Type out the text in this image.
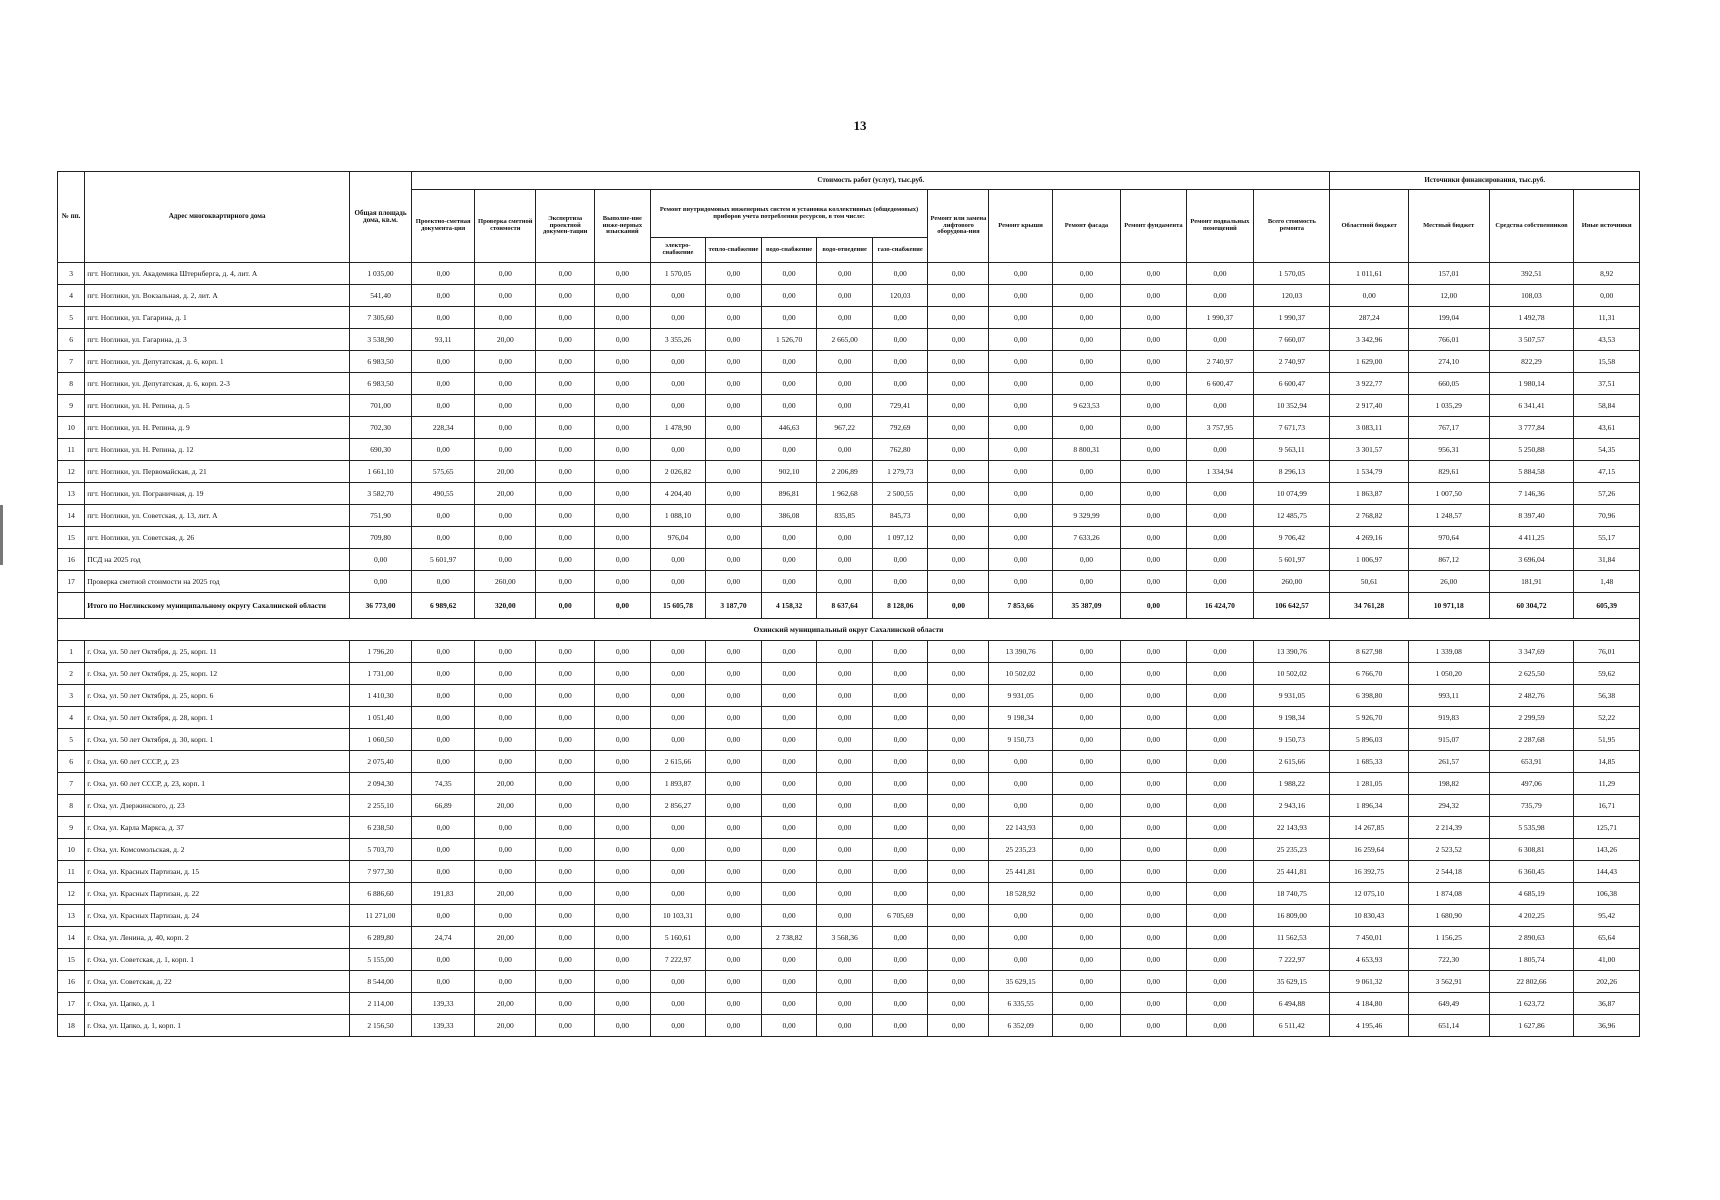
13
№ пп.	Адрес многоквартирного дома	Общая площадь дома, кв.м.	Стоимость работ (услуг), тыс.руб.															Источники финансирования, тыс.руб.			
			Проектно-сметная документа-ция	Проверка сметной стоимости	Экспертиза проектной докумен-тации	Выполне-ние инже-нерных изысканий	Ремонт внутридомовых инженерных систем и установка коллективных (общедомовых) приборов учета потребления ресурсов, в том числе:					Ремонт или замена лифтового оборудова-ния	Ремонт крыши	Ремонт фасада	Ремонт фундамента	Ремонт подвальных помещений	Всего стоимость ремонта	Областной бюджет	Местный бюджет	Средства собственников	Иные источники
							электро-снабжение	тепло-снабжение	водо-снабжение	водо-отведение	газо-снабжение										
3	пгт. Ноглики, ул. Академика Штернберга, д. 4, лит. А	1 035,00	0,00	0,00	0,00	0,00	1 570,05	0,00	0,00	0,00	0,00	0,00	0,00	0,00	0,00	0,00	1 570,05	1 011,61	157,01	392,51	8,92
4	пгт. Ноглики, ул. Вокзальная, д. 2, лит. А	541,40	0,00	0,00	0,00	0,00	0,00	0,00	0,00	0,00	120,03	0,00	0,00	0,00	0,00	0,00	120,03	0,00	12,00	108,03	0,00
5	пгт. Ноглики, ул. Гагарина, д. 1	7 305,60	0,00	0,00	0,00	0,00	0,00	0,00	0,00	0,00	0,00	0,00	0,00	0,00	0,00	1 990,37	1 990,37	287,24	199,04	1 492,78	11,31
6	пгт. Ноглики, ул. Гагарина, д. 3	3 538,90	93,11	20,00	0,00	0,00	3 355,26	0,00	1 526,70	2 665,00	0,00	0,00	0,00	0,00	0,00	0,00	7 660,07	3 342,96	766,01	3 507,57	43,53
7	пгт. Ноглики, ул. Депутатская, д. 6, корп. 1	6 983,50	0,00	0,00	0,00	0,00	0,00	0,00	0,00	0,00	0,00	0,00	0,00	0,00	0,00	2 740,97	2 740,97	1 629,00	274,10	822,29	15,58
8	пгт. Ноглики, ул. Депутатская, д. 6, корп. 2-3	6 983,50	0,00	0,00	0,00	0,00	0,00	0,00	0,00	0,00	0,00	0,00	0,00	0,00	0,00	6 600,47	6 600,47	3 922,77	660,05	1 980,14	37,51
9	пгт. Ноглики, ул. Н. Репина, д. 5	701,00	0,00	0,00	0,00	0,00	0,00	0,00	0,00	0,00	729,41	0,00	0,00	9 623,53	0,00	0,00	10 352,94	2 917,40	1 035,29	6 341,41	58,84
10	пгт. Ноглики, ул. Н. Репина, д. 9	702,30	228,34	0,00	0,00	0,00	1 478,90	0,00	446,63	967,22	792,69	0,00	0,00	0,00	0,00	3 757,95	7 671,73	3 083,11	767,17	3 777,84	43,61
11	пгт. Ноглики, ул. Н. Репина, д. 12	690,30	0,00	0,00	0,00	0,00	0,00	0,00	0,00	0,00	762,80	0,00	0,00	8 800,31	0,00	0,00	9 563,11	3 301,57	956,31	5 250,88	54,35
12	пгт. Ноглики, ул. Первомайская, д. 21	1 661,10	575,65	20,00	0,00	0,00	2 026,82	0,00	902,10	2 206,89	1 279,73	0,00	0,00	0,00	0,00	1 334,94	8 296,13	1 534,79	829,61	5 884,58	47,15
13	пгт. Ноглики, ул. Пограничная, д. 19	3 582,70	490,55	20,00	0,00	0,00	4 204,40	0,00	896,81	1 962,68	2 500,55	0,00	0,00	0,00	0,00	0,00	10 074,99	1 863,87	1 007,50	7 146,36	57,26
14	пгт. Ноглики, ул. Советская, д. 13, лит. А	751,90	0,00	0,00	0,00	0,00	1 088,10	0,00	386,08	835,85	845,73	0,00	0,00	9 329,99	0,00	0,00	12 485,75	2 768,82	1 248,57	8 397,40	70,96
15	пгт. Ноглики, ул. Советская, д. 26	709,80	0,00	0,00	0,00	0,00	976,04	0,00	0,00	0,00	1 097,12	0,00	0,00	7 633,26	0,00	0,00	9 706,42	4 269,16	970,64	4 411,25	55,17
16	ПСД на 2025 год	0,00	5 601,97	0,00	0,00	0,00	0,00	0,00	0,00	0,00	0,00	0,00	0,00	0,00	0,00	0,00	5 601,97	1 006,97	867,12	3 696,04	31,84
17	Проверка сметной стоимости на 2025 год	0,00	0,00	260,00	0,00	0,00	0,00	0,00	0,00	0,00	0,00	0,00	0,00	0,00	0,00	0,00	260,00	50,61	26,00	181,91	1,48
	Итого по Ногликскому муниципальному округу Сахалинской области	36 773,00	6 989,62	320,00	0,00	0,00	15 605,78	3 187,70	4 158,32	8 637,64	8 128,06	0,00	7 853,66	35 387,09	0,00	16 424,70	106 642,57	34 761,28	10 971,18	60 304,72	605,39
Охинский муниципальный округ Сахалинской области																					
1	г. Оха, ул. 50 лет Октября, д. 25, корп. 11	1 796,20	0,00	0,00	0,00	0,00	0,00	0,00	0,00	0,00	0,00	0,00	13 390,76	0,00	0,00	0,00	13 390,76	8 627,98	1 339,08	3 347,69	76,01
2	г. Оха, ул. 50 лет Октября, д. 25, корп. 12	1 731,00	0,00	0,00	0,00	0,00	0,00	0,00	0,00	0,00	0,00	0,00	10 502,02	0,00	0,00	0,00	10 502,02	6 766,70	1 050,20	2 625,50	59,62
3	г. Оха, ул. 50 лет Октября, д. 25, корп. 6	1 410,30	0,00	0,00	0,00	0,00	0,00	0,00	0,00	0,00	0,00	0,00	9 931,05	0,00	0,00	0,00	9 931,05	6 398,80	993,11	2 482,76	56,38
4	г. Оха, ул. 50 лет Октября, д. 28, корп. 1	1 051,40	0,00	0,00	0,00	0,00	0,00	0,00	0,00	0,00	0,00	0,00	9 198,34	0,00	0,00	0,00	9 198,34	5 926,70	919,83	2 299,59	52,22
5	г. Оха, ул. 50 лет Октября, д. 30, корп. 1	1 060,50	0,00	0,00	0,00	0,00	0,00	0,00	0,00	0,00	0,00	0,00	9 150,73	0,00	0,00	0,00	9 150,73	5 896,03	915,07	2 287,68	51,95
6	г. Оха, ул. 60 лет СССР, д. 23	2 075,40	0,00	0,00	0,00	0,00	2 615,66	0,00	0,00	0,00	0,00	0,00	0,00	0,00	0,00	0,00	2 615,66	1 685,33	261,57	653,91	14,85
7	г. Оха, ул. 60 лет СССР, д. 23, корп. 1	2 094,30	74,35	20,00	0,00	0,00	1 893,87	0,00	0,00	0,00	0,00	0,00	0,00	0,00	0,00	0,00	1 988,22	1 281,05	198,82	497,06	11,29
8	г. Оха, ул. Дзержинского, д. 23	2 255,10	66,89	20,00	0,00	0,00	2 856,27	0,00	0,00	0,00	0,00	0,00	0,00	0,00	0,00	0,00	2 943,16	1 896,34	294,32	735,79	16,71
9	г. Оха, ул. Карла Маркса, д. 37	6 238,50	0,00	0,00	0,00	0,00	0,00	0,00	0,00	0,00	0,00	0,00	22 143,93	0,00	0,00	0,00	22 143,93	14 267,85	2 214,39	5 535,98	125,71
10	г. Оха, ул. Комсомольская, д. 2	5 703,70	0,00	0,00	0,00	0,00	0,00	0,00	0,00	0,00	0,00	0,00	25 235,23	0,00	0,00	0,00	25 235,23	16 259,64	2 523,52	6 308,81	143,26
11	г. Оха, ул. Красных Партизан, д. 15	7 977,30	0,00	0,00	0,00	0,00	0,00	0,00	0,00	0,00	0,00	0,00	25 441,81	0,00	0,00	0,00	25 441,81	16 392,75	2 544,18	6 360,45	144,43
12	г. Оха, ул. Красных Партизан, д. 22	6 886,60	191,83	20,00	0,00	0,00	0,00	0,00	0,00	0,00	0,00	0,00	18 528,92	0,00	0,00	0,00	18 740,75	12 075,10	1 874,08	4 685,19	106,38
13	г. Оха, ул. Красных Партизан, д. 24	11 271,00	0,00	0,00	0,00	0,00	10 103,31	0,00	0,00	0,00	6 705,69	0,00	0,00	0,00	0,00	0,00	16 809,00	10 830,43	1 680,90	4 202,25	95,42
14	г. Оха, ул. Ленина, д. 40, корп. 2	6 289,80	24,74	20,00	0,00	0,00	5 160,61	0,00	2 738,82	3 568,36	0,00	0,00	0,00	0,00	0,00	0,00	11 562,53	7 450,01	1 156,25	2 890,63	65,64
15	г. Оха, ул. Советская, д. 1, корп. 1	5 155,00	0,00	0,00	0,00	0,00	7 222,97	0,00	0,00	0,00	0,00	0,00	0,00	0,00	0,00	0,00	7 222,97	4 653,93	722,30	1 805,74	41,00
16	г. Оха, ул. Советская, д. 22	8 544,00	0,00	0,00	0,00	0,00	0,00	0,00	0,00	0,00	0,00	0,00	35 629,15	0,00	0,00	0,00	35 629,15	9 061,32	3 562,91	22 802,66	202,26
17	г. Оха, ул. Цапко, д. 1	2 114,00	139,33	20,00	0,00	0,00	0,00	0,00	0,00	0,00	0,00	0,00	6 335,55	0,00	0,00	0,00	6 494,88	4 184,80	649,49	1 623,72	36,87
18	г. Оха, ул. Цапко, д. 1, корп. 1	2 156,50	139,33	20,00	0,00	0,00	0,00	0,00	0,00	0,00	0,00	0,00	6 352,09	0,00	0,00	0,00	6 511,42	4 195,46	651,14	1 627,86	36,96
